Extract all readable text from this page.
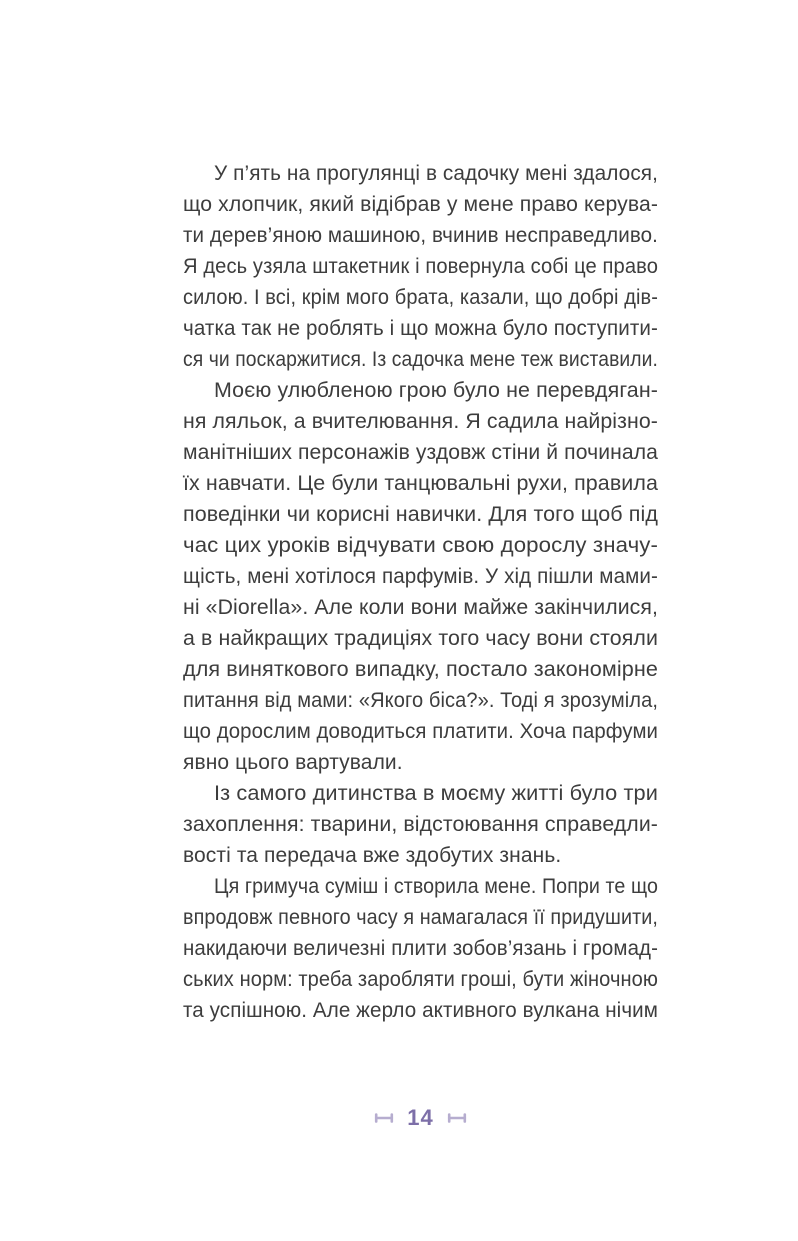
У п’ять на прогулянці в садочку мені здалося,
що хлопчик, який відібрав у мене право керува-
ти дерев’яною машиною, вчинив несправедливо.
Я десь узяла штакетник і повернула собі це право
силою. І всі, крім мого брата, казали, що добрі дів-
чатка так не роблять і що можна було поступити-
ся чи поскаржитися. Із садочка мене теж виставили.
Моєю улюбленою грою було не перевдяган-
ня ляльок, а вчителювання. Я садила найрізно-
манітніших персонажів уздовж стіни й починала
їх навчати. Це були танцювальні рухи, правила
поведінки чи корисні навички. Для того щоб під
час цих уроків відчувати свою дорослу значу-
щість, мені хотілося парфумів. У хід пішли мами-
ні «Diorella». Але коли вони майже закінчилися,
а в найкращих традиціях того часу вони стояли
для виняткового випадку, постало закономірне
питання від мами: «Якого біса?». Тоді я зрозуміла,
що дорослим доводиться платити. Хоча парфуми
явно цього вартували.
Із самого дитинства в моєму житті було три
захоплення: тварини, відстоювання справедли-
вості та передача вже здобутих знань.
Ця гримуча суміш і створила мене. Попри те що
впродовж певного часу я намагалася її придушити,
накидаючи величезні плити зобов’язань і громад-
ських норм: треба заробляти гроші, бути жіночною
та успішною. Але жерло активного вулкана нічим
14
